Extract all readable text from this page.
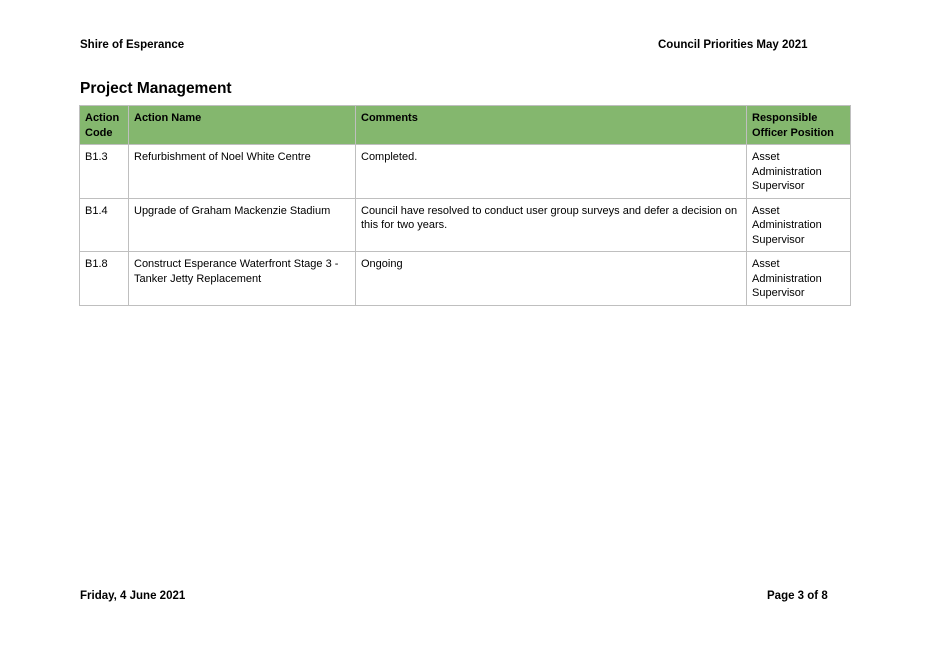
Shire of Esperance	Council Priorities May 2021
Project Management
Action Code	Action Name	Comments	Responsible Officer Position
B1.3	Refurbishment of Noel White Centre	Completed.	Asset Administration Supervisor
B1.4	Upgrade of Graham Mackenzie Stadium	Council have resolved to conduct user group surveys and defer a decision on this for two years.	Asset Administration Supervisor
B1.8	Construct Esperance Waterfront Stage 3 - Tanker Jetty Replacement	Ongoing	Asset Administration Supervisor
Friday, 4 June 2021	Page 3 of 8
